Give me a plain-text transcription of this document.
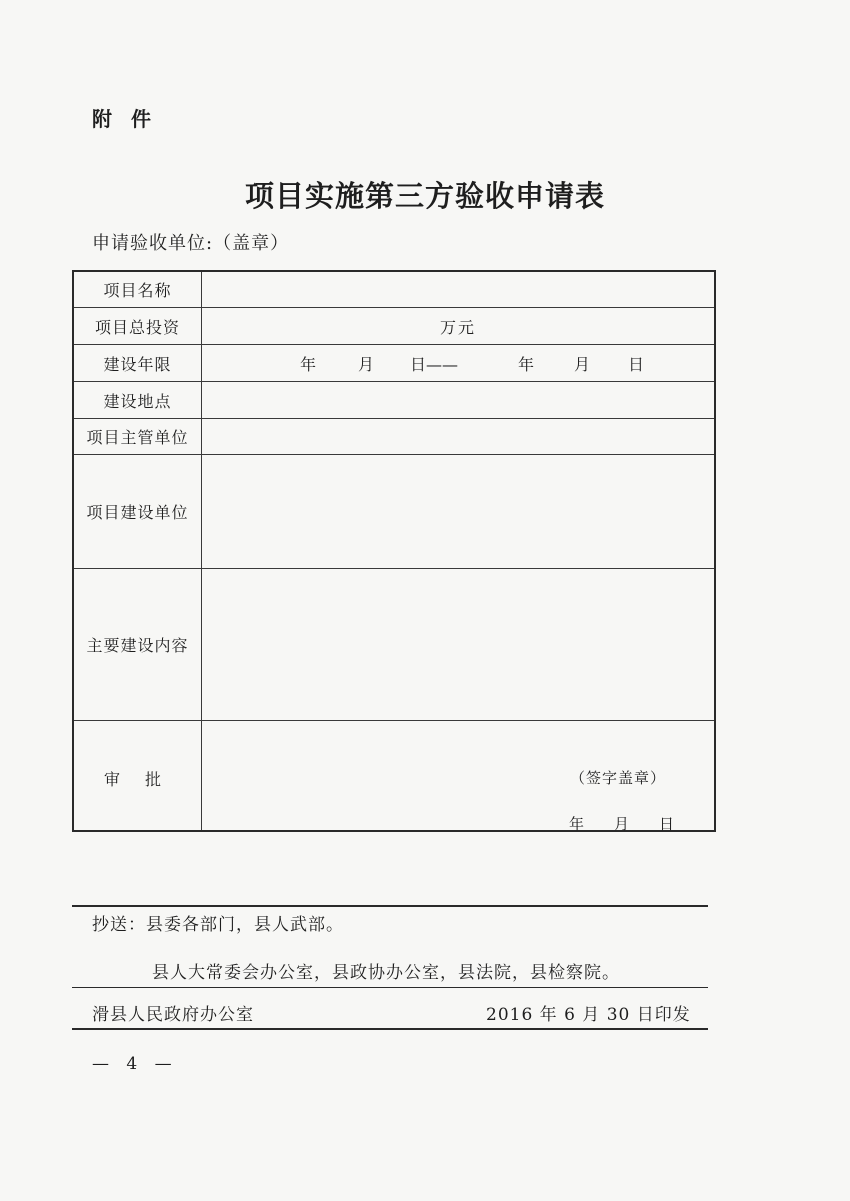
附 件
项目实施第三方验收申请表
申请验收单位:（盖章）
项目名称
项目总投资	万元
建设年限	年	月 日——	年 月 日
建设地点
项目主管单位
项目建设单位
主要建设内容
审 批	（签字盖章）
年 月 日
抄送：县委各部门，县人武部。
县人大常委会办公室，县政协办公室，县法院，县检察院。
滑县人民政府办公室	2016 年 6 月 30 日印发
— 4 —
